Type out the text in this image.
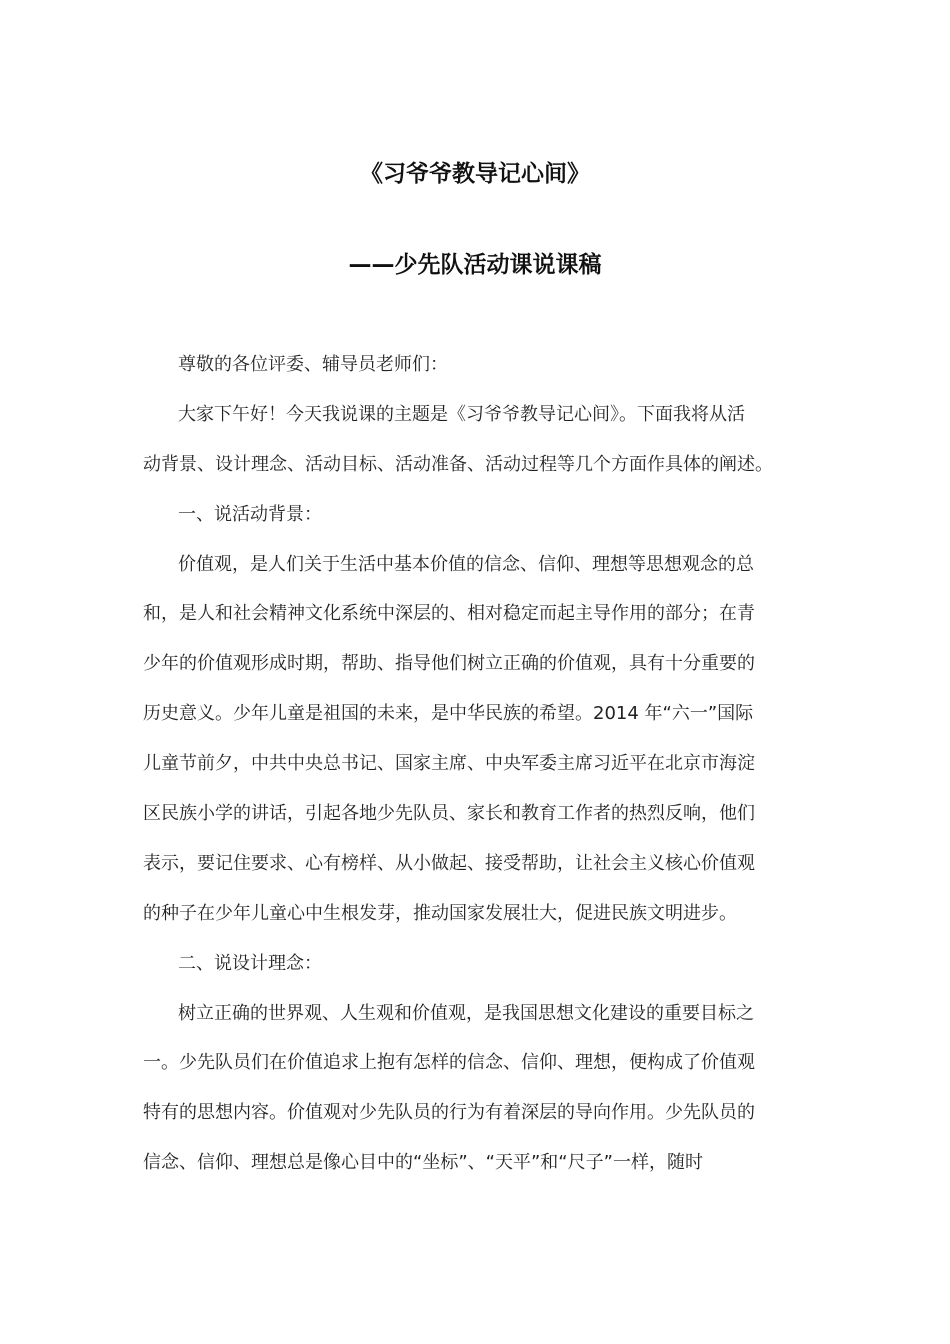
《习爷爷教导记心间》
——少先队活动课说课稿
尊敬的各位评委、辅导员老师们：
大家下午好！今天我说课的主题是《习爷爷教导记心间》。下面我将从活
动背景、设计理念、活动目标、活动准备、活动过程等几个方面作具体的阐述。
一、说活动背景：
价值观，是人们关于生活中基本价值的信念、信仰、理想等思想观念的总
和，是人和社会精神文化系统中深层的、相对稳定而起主导作用的部分；在青
少年的价值观形成时期，帮助、指导他们树立正确的价值观，具有十分重要的
历史意义。少年儿童是祖国的未来，是中华民族的希望。2014 年“六一”国际
儿童节前夕，中共中央总书记、国家主席、中央军委主席习近平在北京市海淀
区民族小学的讲话，引起各地少先队员、家长和教育工作者的热烈反响，他们
表示，要记住要求、心有榜样、从小做起、接受帮助，让社会主义核心价值观
的种子在少年儿童心中生根发芽，推动国家发展壮大，促进民族文明进步。
二、说设计理念：
树立正确的世界观、人生观和价值观，是我国思想文化建设的重要目标之
一。少先队员们在价值追求上抱有怎样的信念、信仰、理想，便构成了价值观
特有的思想内容。价值观对少先队员的行为有着深层的导向作用。少先队员的
信念、信仰、理想总是像心目中的“坐标”、“天平”和“尺子”一样，随时
